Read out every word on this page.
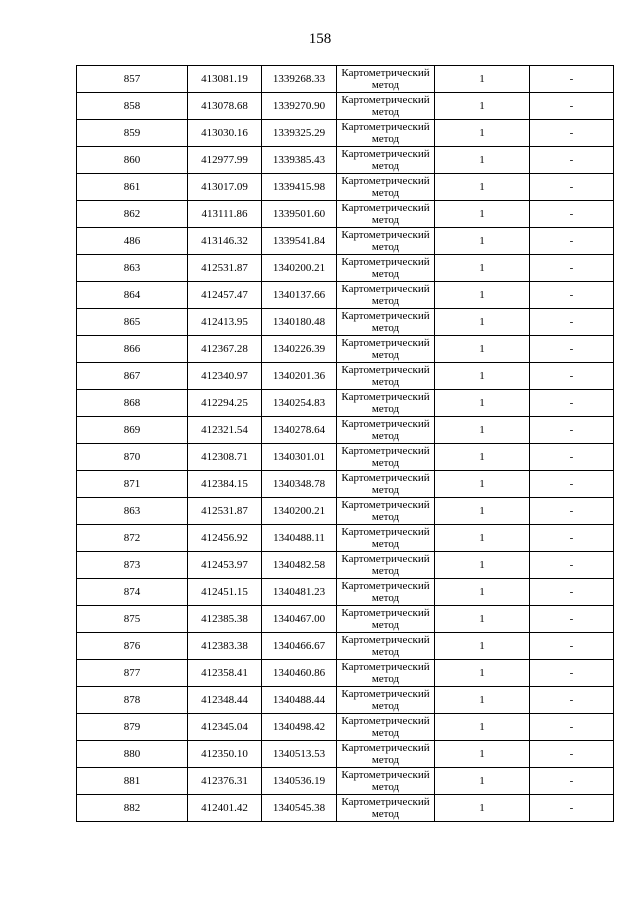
158
857	413081.19	1339268.33	Картометрический метод	1	-
858	413078.68	1339270.90	Картометрический метод	1	-
859	413030.16	1339325.29	Картометрический метод	1	-
860	412977.99	1339385.43	Картометрический метод	1	-
861	413017.09	1339415.98	Картометрический метод	1	-
862	413111.86	1339501.60	Картометрический метод	1	-
486	413146.32	1339541.84	Картометрический метод	1	-
863	412531.87	1340200.21	Картометрический метод	1	-
864	412457.47	1340137.66	Картометрический метод	1	-
865	412413.95	1340180.48	Картометрический метод	1	-
866	412367.28	1340226.39	Картометрический метод	1	-
867	412340.97	1340201.36	Картометрический метод	1	-
868	412294.25	1340254.83	Картометрический метод	1	-
869	412321.54	1340278.64	Картометрический метод	1	-
870	412308.71	1340301.01	Картометрический метод	1	-
871	412384.15	1340348.78	Картометрический метод	1	-
863	412531.87	1340200.21	Картометрический метод	1	-
872	412456.92	1340488.11	Картометрический метод	1	-
873	412453.97	1340482.58	Картометрический метод	1	-
874	412451.15	1340481.23	Картометрический метод	1	-
875	412385.38	1340467.00	Картометрический метод	1	-
876	412383.38	1340466.67	Картометрический метод	1	-
877	412358.41	1340460.86	Картометрический метод	1	-
878	412348.44	1340488.44	Картометрический метод	1	-
879	412345.04	1340498.42	Картометрический метод	1	-
880	412350.10	1340513.53	Картометрический метод	1	-
881	412376.31	1340536.19	Картометрический метод	1	-
882	412401.42	1340545.38	Картометрический метод	1	-
